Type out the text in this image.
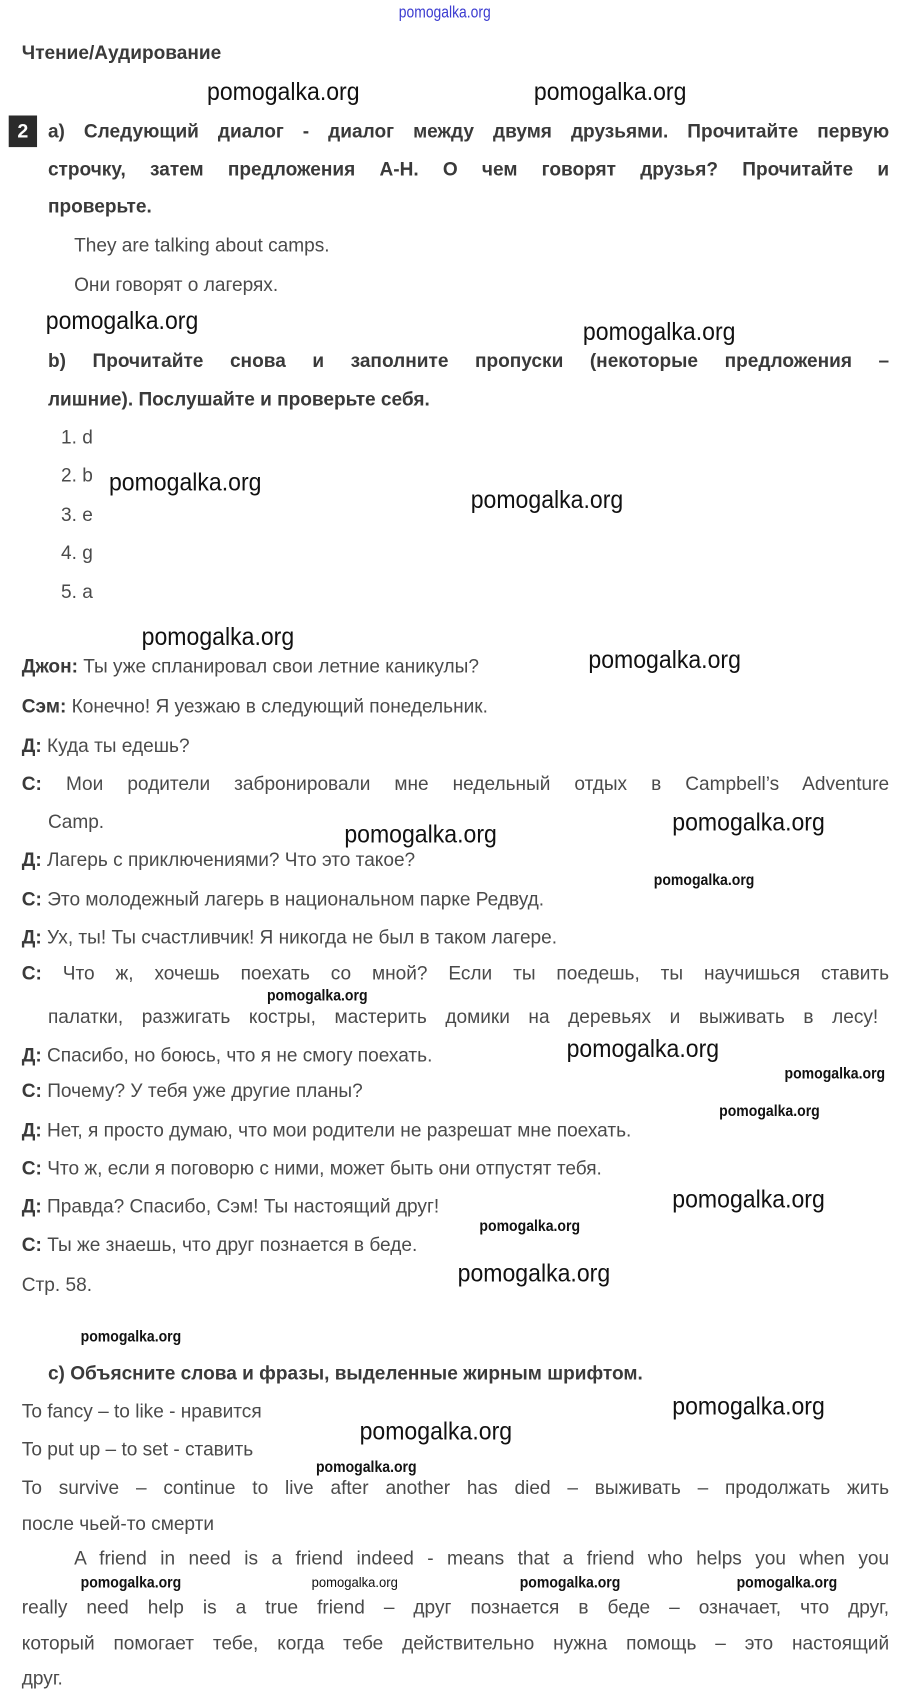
pomogalka.org
Чтение/Аудирование
2	a) Следующий диалог - диалог между двумя друзьями. Прочитайте первую
строчку, затем предложения A-H. О чем говорят друзья? Прочитайте и
проверьте.
They are talking about camps.
Они говорят о лагерях.
b) Прочитайте снова и заполните пропуски (некоторые предложения –
лишние). Послушайте и проверьте себя.
1. d
2. b
3. e
4. g
5. a
Джон: Ты уже спланировал свои летние каникулы?
Сэм: Конечно! Я уезжаю в следующий понедельник.
Д: Куда ты едешь?
С: Мои родители забронировали мне недельный отдых в Campbell’s Adventure
Camp.
Д: Лагерь с приключениями? Что это такое?
С: Это молодежный лагерь в национальном парке Редвуд.
Д: Ух, ты! Ты счастливчик! Я никогда не был в таком лагере.
С: Что ж, хочешь поехать со мной? Если ты поедешь, ты научишься ставить
палатки, разжигать костры, мастерить домики на деревьях и выживать в лесу!
Д: Спасибо, но боюсь, что я не смогу поехать.
С: Почему? У тебя уже другие планы?
Д: Нет, я просто думаю, что мои родители не разрешат мне поехать.
С: Что ж, если я поговорю с ними, может быть они отпустят тебя.
Д: Правда? Спасибо, Сэм! Ты настоящий друг!
С: Ты же знаешь, что друг познается в беде.
Стр. 58.
c) Объясните слова и фразы, выделенные жирным шрифтом.
To fancy – to like - нравится
To put up – to set - ставить
To survive – continue to live after another has died – выживать – продолжать жить
после чьей-то смерти
A friend in need is a friend indeed - means that a friend who helps you when you
really need help is a true friend – друг познается в беде – означает, что друг,
который помогает тебе, когда тебе действительно нужна помощь – это настоящий
друг.
pomogalka.org	pomogalka.org
pomogalka.org	pomogalka.org
pomogalka.org
pomogalka.org
pomogalka.org
pomogalka.org
pomogalka.org
pomogalka.org
pomogalka.org
pomogalka.org
pomogalka.org
pomogalka.org
pomogalka.org
pomogalka.org
pomogalka.org
pomogalka.org
pomogalka.org
pomogalka.org
pomogalka.org
pomogalka.org
pomogalka.org	pomogalka.org	pomogalka.org
pomogalka.org
